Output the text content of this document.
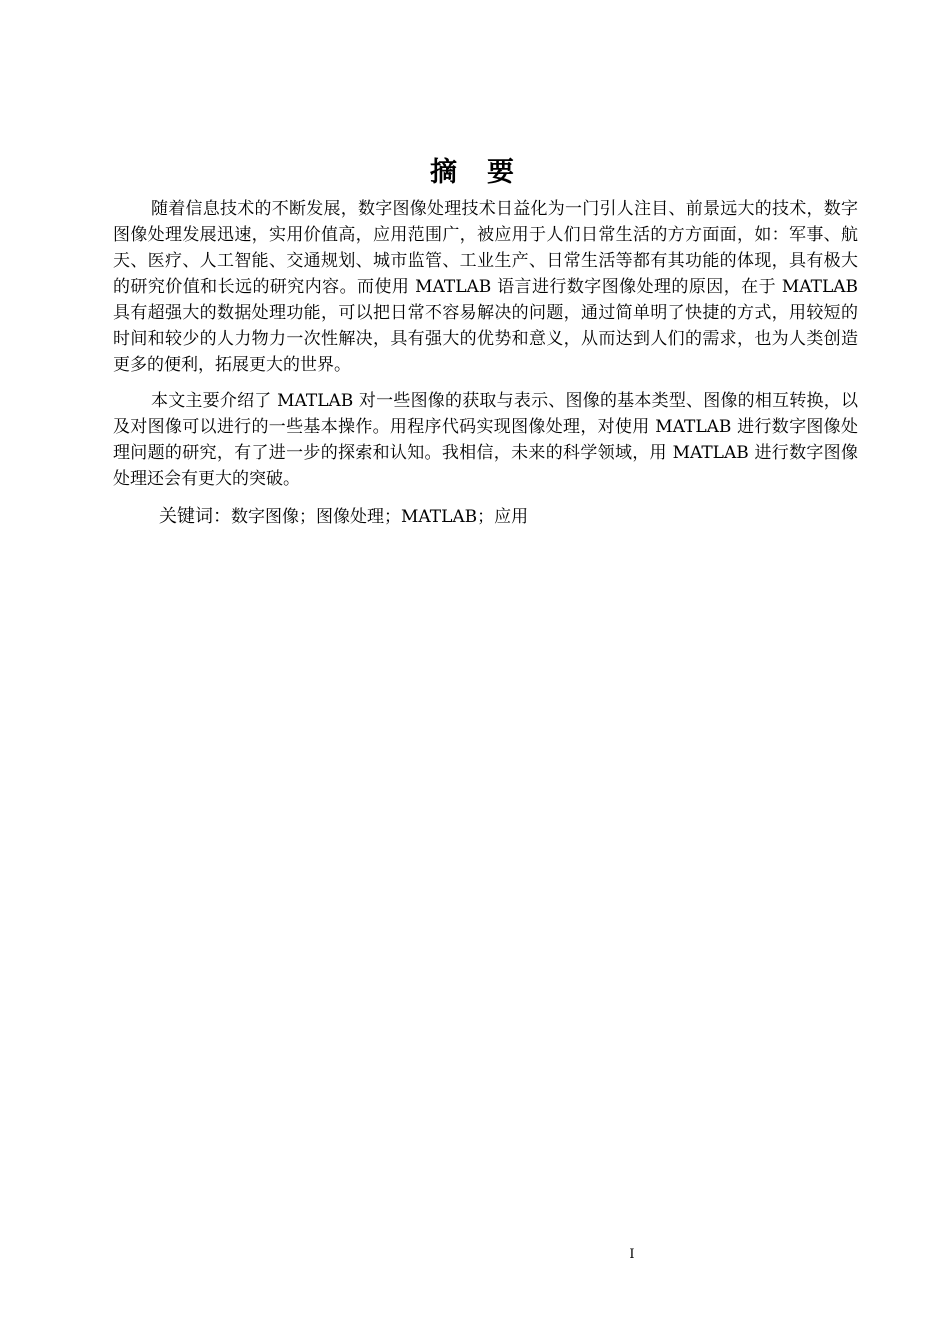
摘要

随着信息技术的不断发展，数字图像处理技术日益化为一门引人注目、前景远大的技术，数字图像处理发展迅速，实用价值高，应用范围广，被应用于人们日常生活的方方面面，如：军事、航天、医疗、人工智能、交通规划、城市监管、工业生产、日常生活等都有其功能的体现，具有极大的研究价值和长远的研究内容。而使用 MATLAB 语言进行数字图像处理的原因，在于 MATLAB 具有超强大的数据处理功能，可以把日常不容易解决的问题，通过简单明了快捷的方式，用较短的时间和较少的人力物力一次性解决，具有强大的优势和意义，从而达到人们的需求，也为人类创造更多的便利，拓展更大的世界。

本文主要介绍了 MATLAB 对一些图像的获取与表示、图像的基本类型、图像的相互转换，以及对图像可以进行的一些基本操作。用程序代码实现图像处理，对使用 MATLAB 进行数字图像处理问题的研究，有了进一步的探索和认知。我相信，未来的科学领域，用 MATLAB 进行数字图像处理还会有更大的突破。

关键词：数字图像；图像处理；MATLAB；应用
I
